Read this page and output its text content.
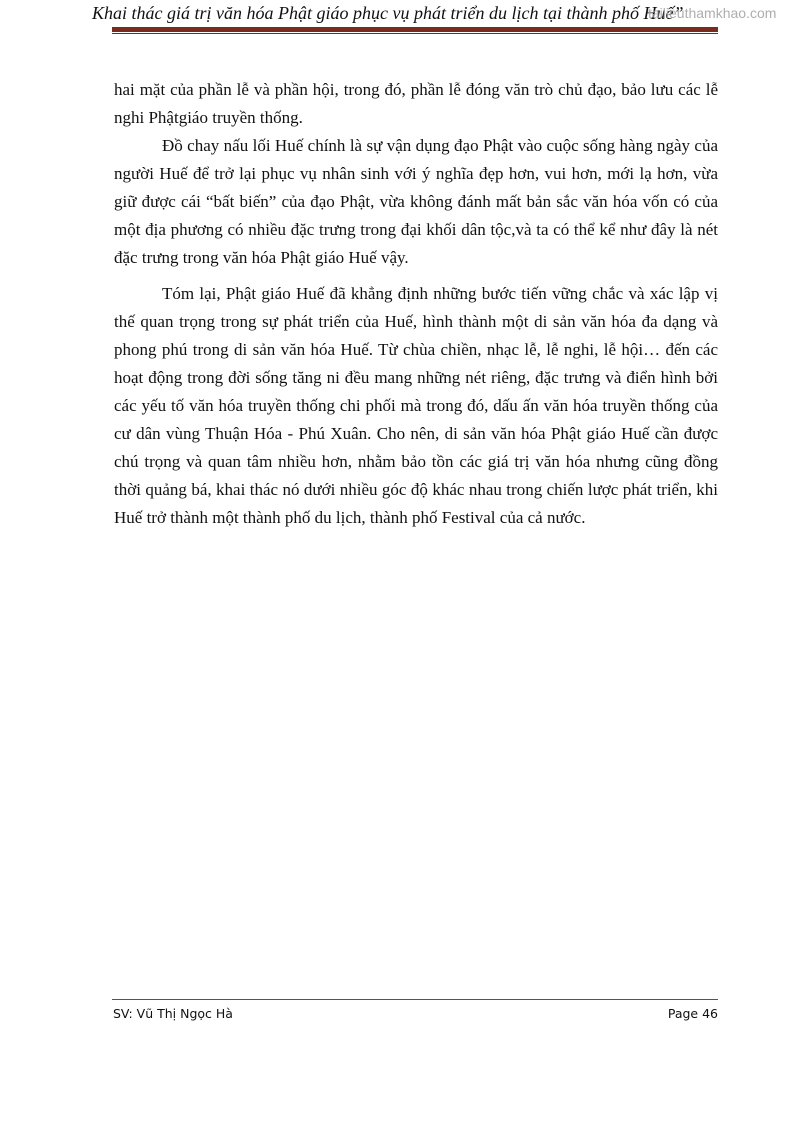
Khai thác giá trị văn hóa Phật giáo phục vụ phát triển du lịch tại thành phố Huế”
tailieuthamkhao.com

hai mặt của phần lễ và phần hội, trong đó, phần lễ đóng văn trò chủ đạo, bảo lưu các lễ nghi Phậtgiáo truyền thống.

Đồ chay nấu lối Huế chính là sự vận dụng đạo Phật vào cuộc sống hàng ngày của người Huế để trở lại phục vụ nhân sinh với ý nghĩa đẹp hơn, vui hơn, mới lạ hơn, vừa giữ được cái “bất biến” của đạo Phật, vừa không đánh mất bản sắc văn hóa vốn có của một địa phương có nhiều đặc trưng trong đại khối dân tộc,và ta có thể kể như đây là nét đặc trưng trong văn hóa Phật giáo Huế vậy.

Tóm lại, Phật giáo Huế đã khẳng định những bước tiến vững chắc và xác lập vị thế quan trọng trong sự phát triển của Huế, hình thành một di sản văn hóa đa dạng và phong phú trong di sản văn hóa Huế. Từ chùa chiền, nhạc lễ, lễ nghi, lễ hội… đến các hoạt động trong đời sống tăng ni đều mang những nét riêng, đặc trưng và điển hình bởi các yếu tố văn hóa truyền thống chi phối mà trong đó, dấu ấn văn hóa truyền thống của cư dân vùng Thuận Hóa - Phú Xuân. Cho nên, di sản văn hóa Phật giáo Huế cần được chú trọng và quan tâm nhiều hơn, nhằm bảo tồn các giá trị văn hóa nhưng cũng đồng thời quảng bá, khai thác nó dưới nhiều góc độ khác nhau trong chiến lược phát triển, khi Huế trở thành một thành phố du lịch, thành phố Festival của cả nước.

SV: Vũ Thị Ngọc Hà	Page 46
